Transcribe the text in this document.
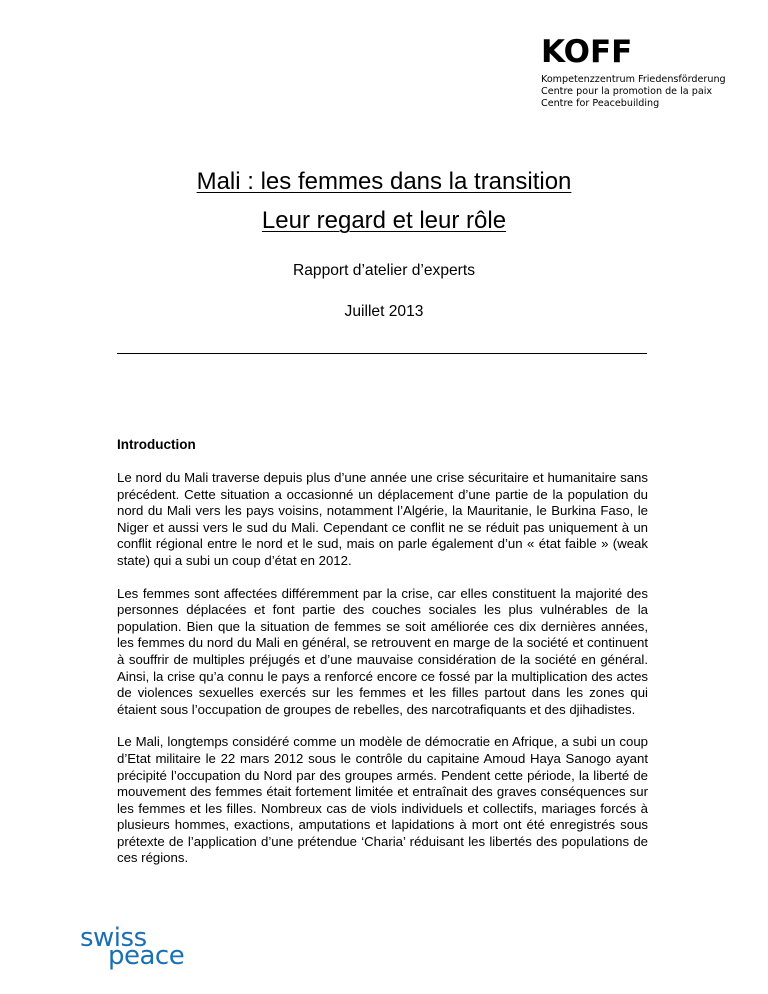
KOFF
Kompetenzzentrum Friedensförderung
Centre pour la promotion de la paix
Centre for Peacebuilding
Mali : les femmes dans la transition
Leur regard et leur rôle
Rapport d’atelier d’experts
Juillet 2013
Introduction

Le nord du Mali traverse depuis plus d’une année une crise sécuritaire et humanitaire sans précédent. Cette situation a occasionné un déplacement d’une partie de la population du nord du Mali vers les pays voisins, notamment l’Algérie, la Mauritanie, le Burkina Faso, le Niger et aussi vers le sud du Mali. Cependant ce conflit ne se réduit pas uniquement à un conflit régional entre le nord et le sud, mais on parle également d’un « état faible » (weak state) qui a subi un coup d’état en 2012.

Les femmes sont affectées différemment par la crise, car elles constituent la majorité des personnes déplacées et font partie des couches sociales les plus vulnérables de la population. Bien que la situation de femmes se soit améliorée ces dix dernières années, les femmes du nord du Mali en général, se retrouvent en marge de la société et continuent à souffrir de multiples préjugés et d’une mauvaise considération de la société en général. Ainsi, la crise qu’a connu le pays a renforcé encore ce fossé par la multiplication des actes de violences sexuelles exercés sur les femmes et les filles partout dans les zones qui étaient sous l’occupation de groupes de rebelles, des narcotrafiquants et des djihadistes.

Le Mali, longtemps considéré comme un modèle de démocratie en Afrique, a subi un coup d’Etat militaire le 22 mars 2012 sous le contrôle du capitaine Amoud Haya Sanogo ayant précipité l’occupation du Nord par des groupes armés. Pendent cette période, la liberté de mouvement des femmes était fortement limitée et entraînait des graves conséquences sur les femmes et les filles. Nombreux cas de viols individuels et collectifs, mariages forcés à plusieurs hommes, exactions, amputations et lapidations à mort ont été enregistrés sous prétexte de l’application d’une prétendue ‘Charia’ réduisant les libertés des populations de ces régions.

swiss
peace
